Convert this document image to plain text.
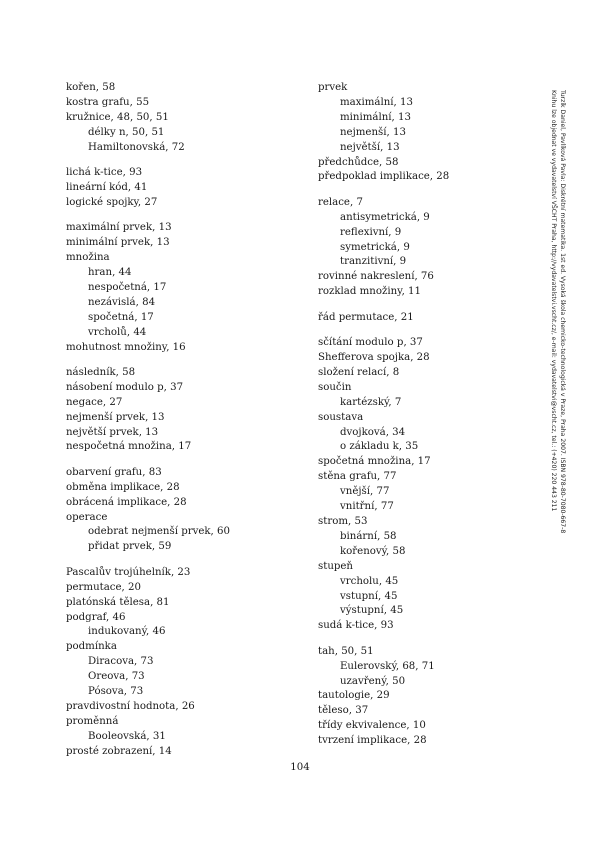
kořen, 58
kostra grafu, 55
kružnice, 48, 50, 51
délky n, 50, 51
Hamiltonovská, 72
lichá k-tice, 93
lineární kód, 41
logické spojky, 27
maximální prvek, 13
minimální prvek, 13
množina
hran, 44
nespočetná, 17
nezávislá, 84
spočetná, 17
vrcholů, 44
mohutnost množiny, 16
následník, 58
násobení modulo p, 37
negace, 27
nejmenší prvek, 13
největší prvek, 13
nespočetná množina, 17
obarvení grafu, 83
obměna implikace, 28
obrácená implikace, 28
operace
odebrat nejmenší prvek, 60
přidat prvek, 59
Pascalův trojúhelník, 23
permutace, 20
platónská tělesa, 81
podgraf, 46
indukovaný, 46
podmínka
Diracova, 73
Oreova, 73
Pósova, 73
pravdivostní hodnota, 26
proměnná
Booleovská, 31
prosté zobrazení, 14
prvek
maximální, 13
minimální, 13
nejmenší, 13
největší, 13
předchůdce, 58
předpoklad implikace, 28
relace, 7
antisymetrická, 9
reflexivní, 9
symetrická, 9
tranzitivní, 9
rovinné nakreslení, 76
rozklad množiny, 11
řád permutace, 21
sčítání modulo p, 37
Shefferova spojka, 28
složení relací, 8
součin
kartézský, 7
soustava
dvojková, 34
o základu k, 35
spočetná množina, 17
stěna grafu, 77
vnější, 77
vnitřní, 77
strom, 53
binární, 58
kořenový, 58
stupeň
vrcholu, 45
vstupní, 45
výstupní, 45
sudá k-tice, 93
tah, 50, 51
Eulerovský, 68, 71
uzavřený, 50
tautologie, 29
těleso, 37
třídy ekvivalence, 10
tvrzení implikace, 28
104
Turzík Daniel, Pavlíková Pavla: Diskrétní matematika. 1st ed. Vysoká škola chemicko-technologická v Praze, Praha 2007. ISBN 978-80-7080-667-8
Knihu lze objednat ve vydavatelství VŠCHT Praha, http://vydavatelstvi.vscht.cz/, e-mail: vydavatelstvi@vscht.cz, tel.: (+420) 220 443 211
